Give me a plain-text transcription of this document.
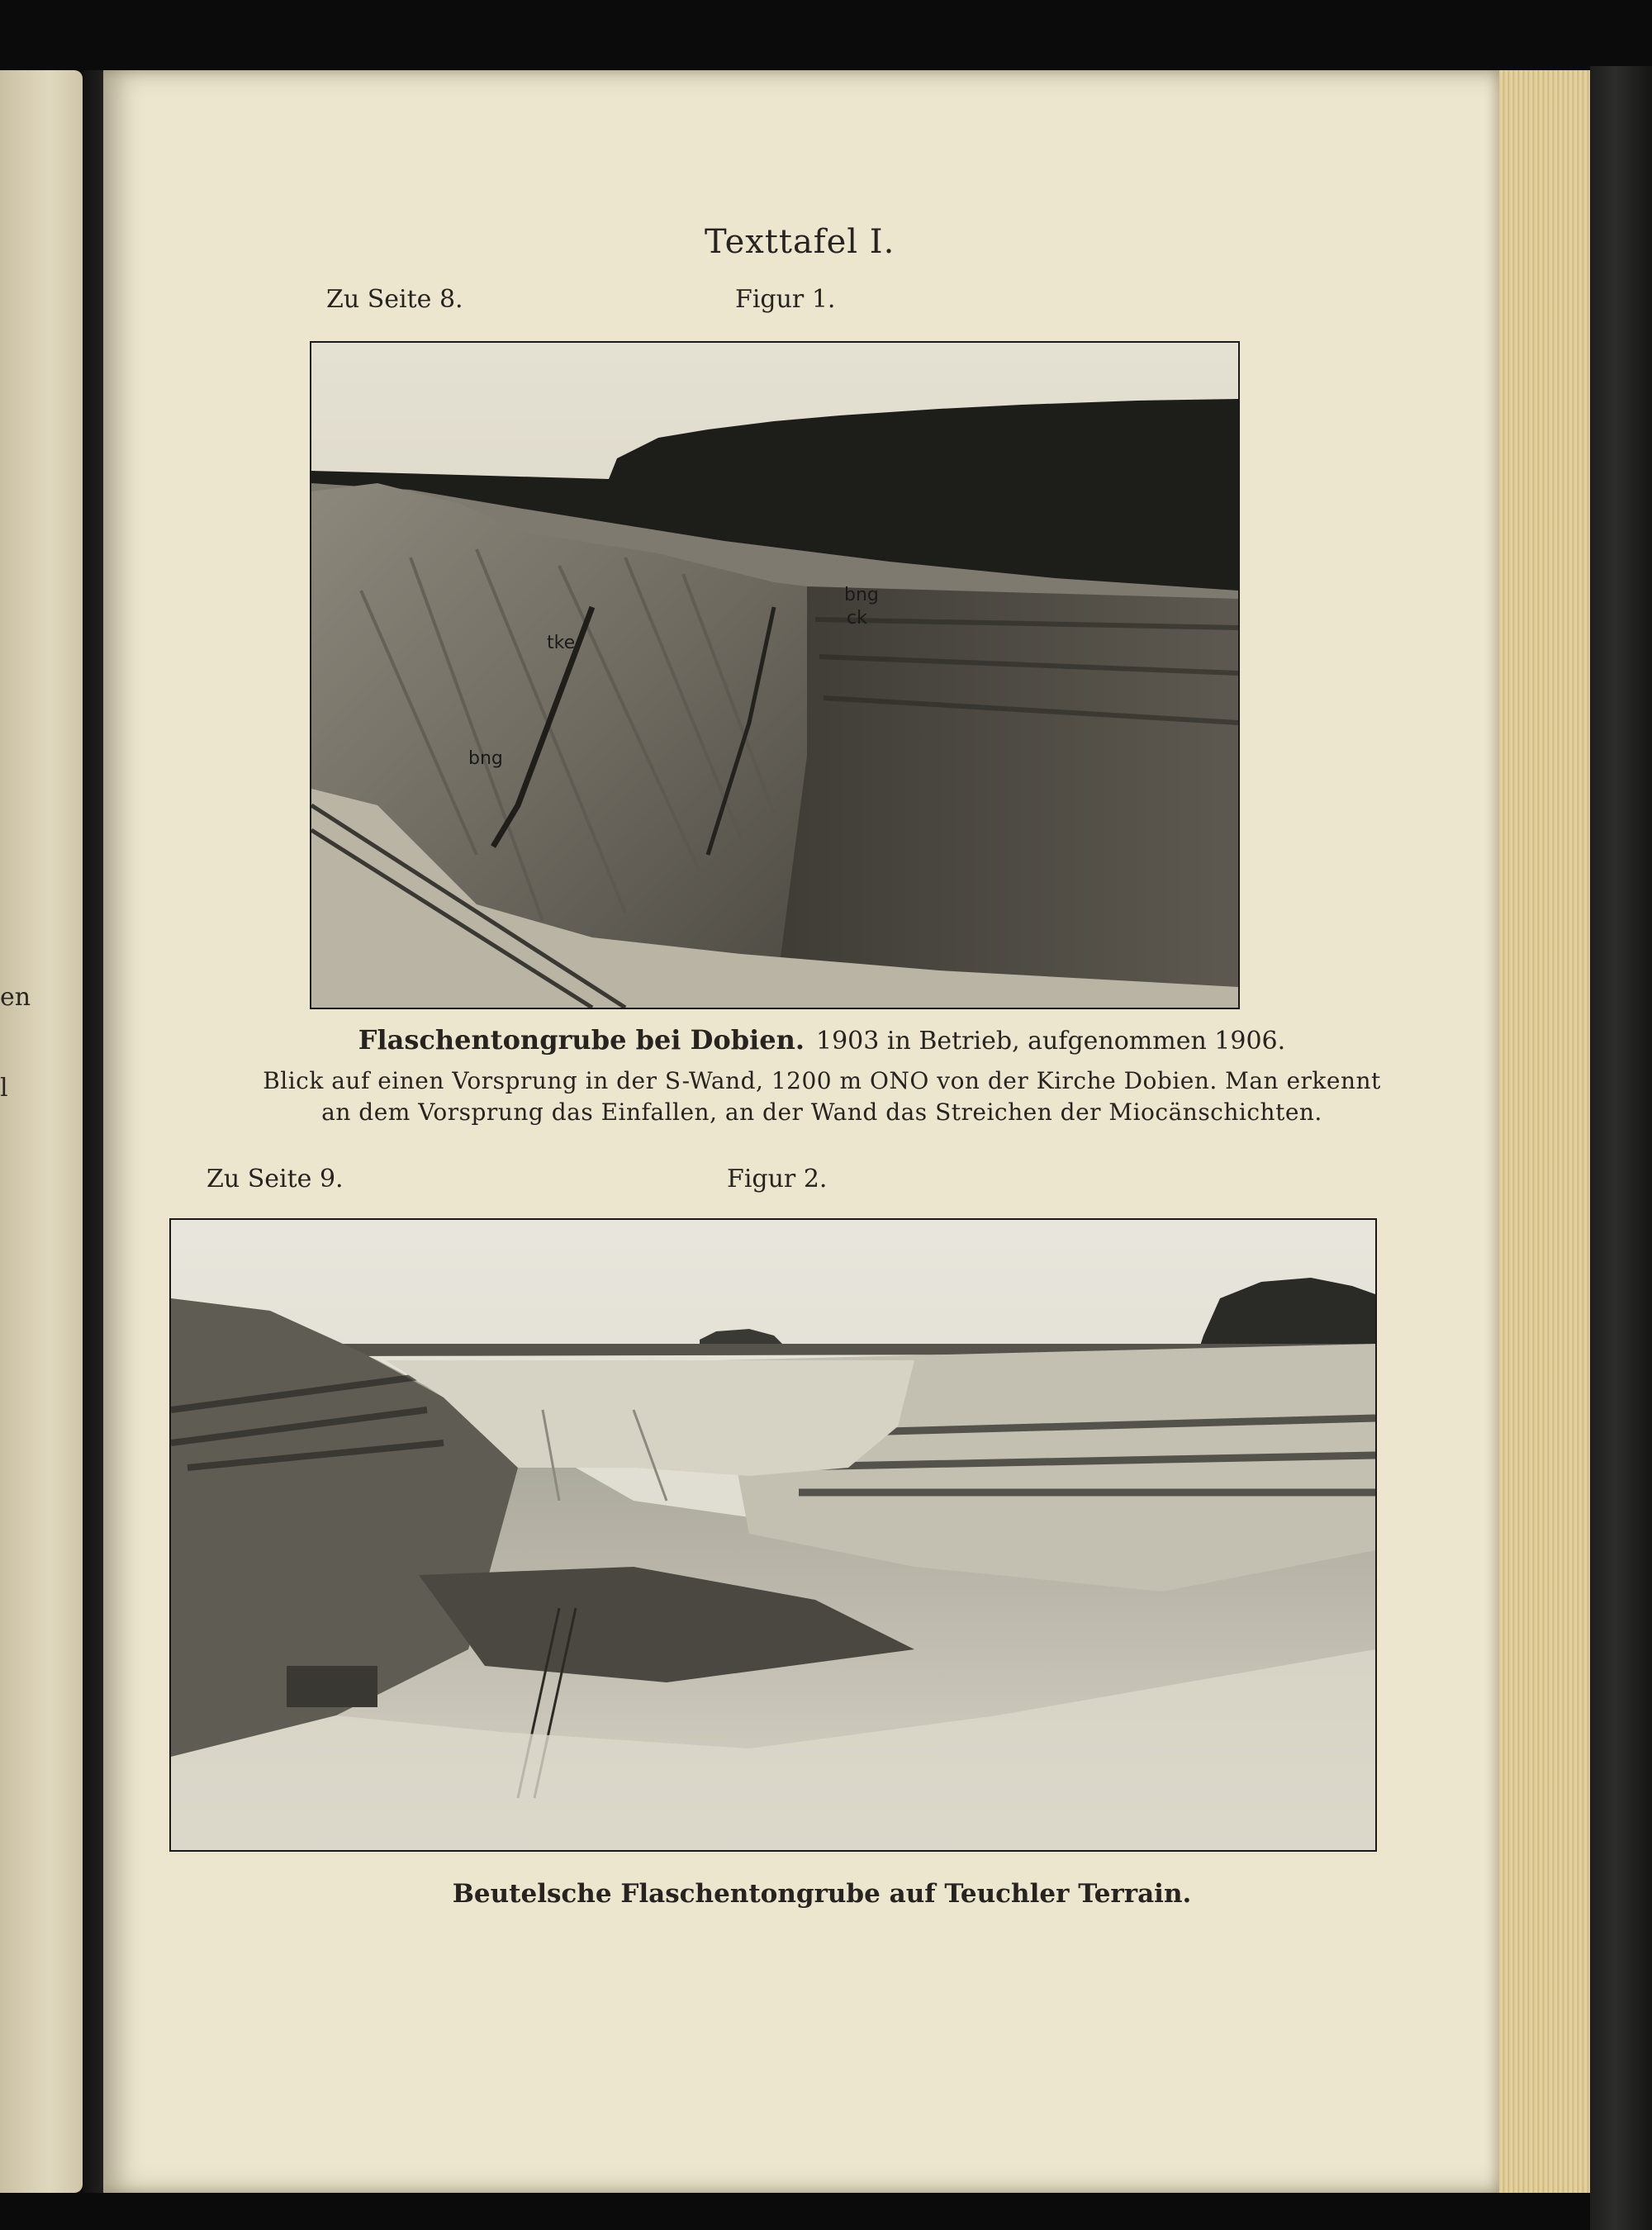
en
l
Texttafel I.
Zu Seite 8.	Figur 1.
tke
bng
ck
bng
Flaschentongrube bei Dobien. 1903 in Betrieb, aufgenommen 1906.
Blick auf einen Vorsprung in der S-Wand, 1200 m ONO von der Kirche Dobien. Man erkennt
an dem Vorsprung das Einfallen, an der Wand das Streichen der Miocänschichten.
Zu Seite 9.	Figur 2.
Beutelsche Flaschentongrube auf Teuchler Terrain.
